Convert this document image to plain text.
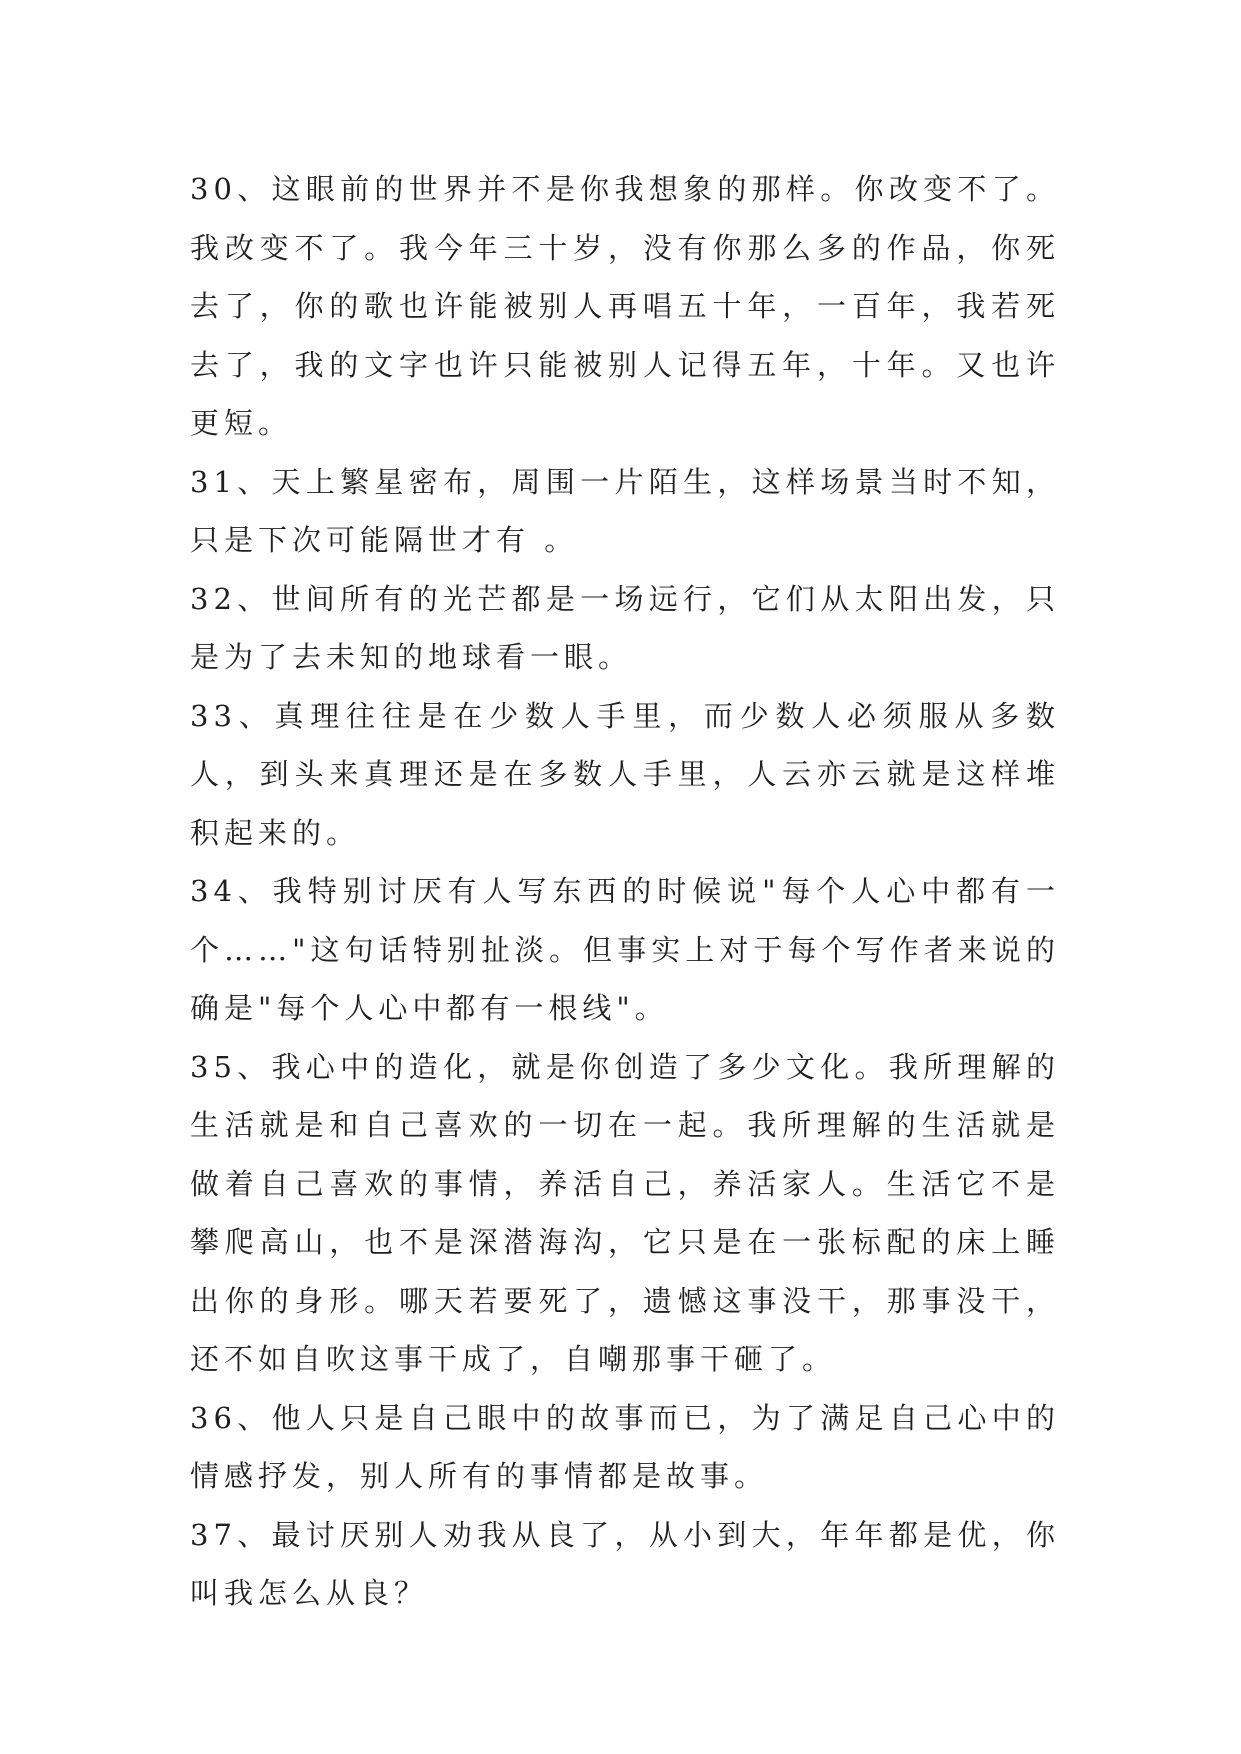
30、这眼前的世界并不是你我想象的那样。你改变不了。我改变不了。我今年三十岁，没有你那么多的作品，你死去了，你的歌也许能被别人再唱五十年，一百年，我若死去了，我的文字也许只能被别人记得五年，十年。又也许更短。

31、天上繁星密布，周围一片陌生，这样场景当时不知，只是下次可能隔世才有 。

32、世间所有的光芒都是一场远行，它们从太阳出发，只是为了去未知的地球看一眼。

33、真理往往是在少数人手里，而少数人必须服从多数人，到头来真理还是在多数人手里，人云亦云就是这样堆积起来的。

34、我特别讨厌有人写东西的时候说"每个人心中都有一个……"这句话特别扯淡。但事实上对于每个写作者来说的确是"每个人心中都有一根线"。

35、我心中的造化，就是你创造了多少文化。我所理解的生活就是和自己喜欢的一切在一起。我所理解的生活就是做着自己喜欢的事情，养活自己，养活家人。生活它不是攀爬高山，也不是深潜海沟，它只是在一张标配的床上睡出你的身形。哪天若要死了，遗憾这事没干，那事没干，还不如自吹这事干成了，自嘲那事干砸了。

36、他人只是自己眼中的故事而已，为了满足自己心中的情感抒发，别人所有的事情都是故事。

37、最讨厌别人劝我从良了，从小到大，年年都是优，你叫我怎么从良？
